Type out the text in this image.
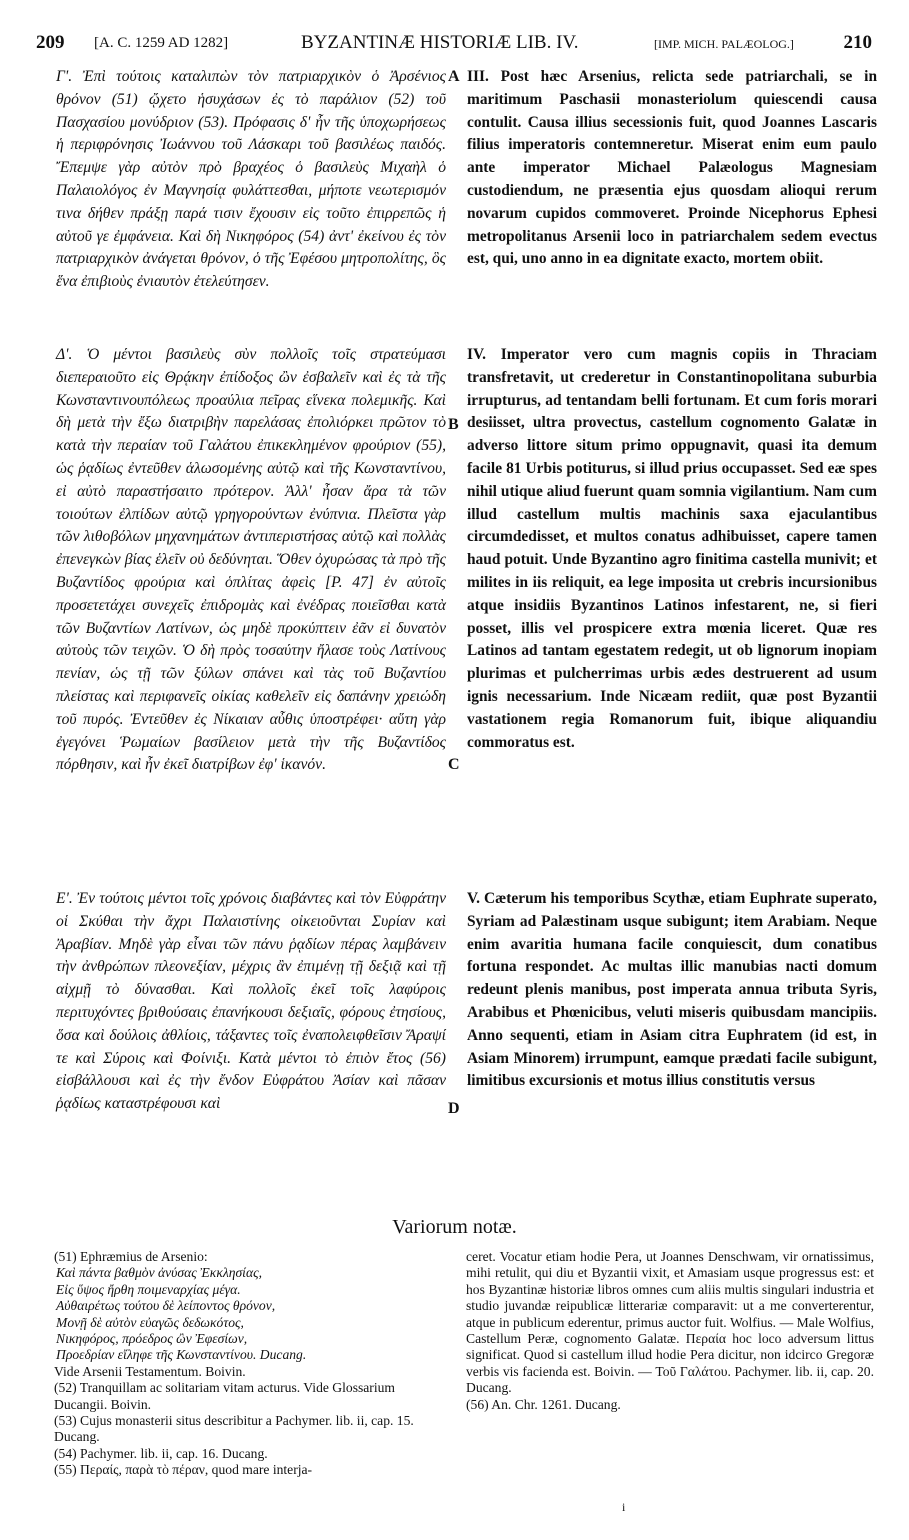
209 [A. C. 1259 AD 1282]	BYZANTINÆ HISTORIÆ LIB. IV.	[IMP. MICH. PALÆOLOG.]	210

Γ'. Ἐπὶ τούτοις καταλιπὼν τὸν πατριαρχικὸν ὁ Ἀρσένιος θρόνον (51) ᾤχετο ἡσυχάσων ἐς τὸ παράλιον (52) τοῦ Πασχασίου μονύδριον (53). Πρόφασις δ' ἦν τῆς ὑποχωρήσεως ἡ περιφρόνησις Ἰωάννου τοῦ Λάσκαρι τοῦ βασιλέως παιδός. Ἔπεμψε γὰρ αὐτὸν πρὸ βραχέος ὁ βασιλεὺς Μιχαὴλ ὁ Παλαιολόγος ἐν Μαγνησίᾳ φυλάττεσθαι, μήποτε νεωτερισμόν τινα δήθεν πράξῃ παρά τισιν ἔχουσιν εἰς τοῦτο ἐπιρρεπῶς ἡ αὐτοῦ γε ἐμφάνεια. Καὶ δὴ Νικηφόρος (54) ἀντ' ἐκείνου ἐς τὸν πατριαρχικὸν ἀνάγεται θρόνον, ὁ τῆς Ἐφέσου μητροπολίτης, ὃς ἕνα ἐπιβιοὺς ἐνιαυτὸν ἐτελεύτησεν.

Δ'. Ὁ μέντοι βασιλεὺς σὺν πολλοῖς τοῖς στρατεύμασι διεπεραιοῦτο εἰς Θρᾴκην ἐπίδοξος ὢν ἐσβαλεῖν καὶ ἐς τὰ τῆς Κωνσταντινουπόλεως προαύλια πεῖρας εἵνεκα πολεμικῆς. Καὶ δὴ μετὰ τὴν ἔξω διατριβὴν παρελάσας ἐπολιόρκει πρῶτον τὸ κατὰ τὴν περαίαν τοῦ Γαλάτου ἐπικεκλημένον φρούριον (55), ὡς ῥᾳδίως ἐντεῦθεν ἁλωσομένης αὐτῷ καὶ τῆς Κωνσταντίνου, εἰ αὐτὸ παραστήσαιτο πρότερον. Ἀλλ' ἦσαν ἄρα τὰ τῶν τοιούτων ἐλπίδων αὐτῷ γρηγορούντων ἐνύπνια. Πλεῖστα γὰρ τῶν λιθοβόλων μηχανημάτων ἀντιπεριστήσας αὐτῷ καὶ πολλὰς ἐπενεγκὼν βίας ἑλεῖν οὐ δεδύνηται. Ὅθεν ὀχυρώσας τὰ πρὸ τῆς Βυζαντίδος φρούρια καὶ ὁπλίτας ἀφεὶς [P. 47] ἐν αὐτοῖς προσετετάχει συνεχεῖς ἐπιδρομὰς καὶ ἐνέδρας ποιεῖσθαι κατὰ τῶν Βυζαντίων Λατίνων, ὡς μηδὲ προκύπτειν ἐᾶν εἰ δυνατὸν αὐτοὺς τῶν τειχῶν. Ὁ δὴ πρὸς τοσαύτην ἤλασε τοὺς Λατίνους πενίαν, ὡς τῇ τῶν ξύλων σπάνει καὶ τὰς τοῦ Βυζαντίου πλείστας καὶ περιφανεῖς οἰκίας καθελεῖν εἰς δαπάνην χρειώδη τοῦ πυρός. Ἐντεῦθεν ἐς Νίκαιαν αὖθις ὑποστρέφει· αὕτη γὰρ ἐγεγόνει Ῥωμαίων βασίλειον μετὰ τὴν τῆς Βυζαντίδος πόρθησιν, καὶ ἦν ἐκεῖ διατρίβων ἐφ' ἱκανόν.

Ε'. Ἐν τούτοις μέντοι τοῖς χρόνοις διαβάντες καὶ τὸν Εὐφράτην οἱ Σκύθαι τὴν ἄχρι Παλαιστίνης οἰκειοῦνται Συρίαν καὶ Ἀραβίαν. Μηδὲ γὰρ εἶναι τῶν πάνυ ῥᾳδίων πέρας λαμβάνειν τὴν ἀνθρώπων πλεονεξίαν, μέχρις ἂν ἐπιμένῃ τῇ δεξιᾷ καὶ τῇ αἰχμῇ τὸ δύνασθαι. Καὶ πολλοῖς ἐκεῖ τοῖς λαφύροις περιτυχόντες βριθούσαις ἐπανήκουσι δεξιαῖς, φόρους ἐτησίους, ὅσα καὶ δούλοις ἀθλίοις, τάξαντες τοῖς ἐναπολειφθεῖσιν Ἄραψί τε καὶ Σύροις καὶ Φοίνιξι. Κατὰ μέντοι τὸ ἐπιὸν ἔτος (56) εἰσβάλλουσι καὶ ἐς τὴν ἔνδον Εὐφράτου Ἀσίαν καὶ πᾶσαν ῥᾳδίως καταστρέφουσι καὶ

III. Post hæc Arsenius, relicta sede patriarchali, se in maritimum Paschasii monasteriolum quiescendi causa contulit. Causa illius secessionis fuit, quod Joannes Lascaris filius imperatoris contemneretur. Miserat enim eum paulo ante imperator Michael Palæologus Magnesiam custodiendum, ne præsentia ejus quosdam alioqui rerum novarum cupidos commoveret. Proinde Nicephorus Ephesi metropolitanus Arsenii loco in patriarchalem sedem evectus est, qui, uno anno in ea dignitate exacto, mortem obiit.

IV. Imperator vero cum magnis copiis in Thraciam transfretavit, ut crederetur in Constantinopolitana suburbia irrupturus, ad tentandam belli fortunam. Et cum foris morari desiisset, ultra provectus, castellum cognomento Galatæ in adverso littore situm primo oppugnavit, quasi ita demum facile 81 Urbis potiturus, si illud prius occupasset. Sed eæ spes nihil utique aliud fuerunt quam somnia vigilantium. Nam cum illud castellum multis machinis saxa ejaculantibus circumdedisset, et multos conatus adhibuisset, capere tamen haud potuit. Unde Byzantino agro finitima castella munivit; et milites in iis reliquit, ea lege imposita ut crebris incursionibus atque insidiis Byzantinos Latinos infestarent, ne, si fieri posset, illis vel prospicere extra mœnia liceret. Quæ res Latinos ad tantam egestatem redegit, ut ob lignorum inopiam plurimas et pulcherrimas urbis ædes destruerent ad usum ignis necessarium. Inde Nicæam rediit, quæ post Byzantii vastationem regia Romanorum fuit, ibique aliquandiu commoratus est.

V. Cæterum his temporibus Scythæ, etiam Euphrate superato, Syriam ad Palæstinam usque subigunt; item Arabiam. Neque enim avaritia humana facile conquiescit, dum conatibus fortuna respondet. Ac multas illic manubias nacti domum redeunt plenis manibus, post imperata annua tributa Syris, Arabibus et Phœnicibus, veluti miseris quibusdam mancipiis. Anno sequenti, etiam in Asiam citra Euphratem (id est, in Asiam Minorem) irrumpunt, eamque prædati facile subigunt, limitibus excursionis et motus illius constitutis versus

A
B
C
D
Variorum notæ.

(51) Ephræmius de Arsenio:

Καὶ πάντα βαθμὸν ἀνύσας Ἐκκλησίας,

Εἰς ὕψος ἤρθη ποιμεναρχίας μέγα.

Αὐθαιρέτως τούτου δὲ λείποντος θρόνον,

Μονῇ δὲ αὐτὸν εὐαγῶς δεδωκότος,

Νικηφόρος, πρόεδρος ὢν Ἐφεσίων,

Προεδρίαν εἴληφε τῆς Κωνσταντίνου. Ducang.

Vide Arsenii Testamentum. Boivin.

(52) Tranquillam ac solitariam vitam acturus. Vide Glossarium Ducangii. Boivin.

(53) Cujus monasterii situs describitur a Pachymer. lib. ii, cap. 15. Ducang.

(54) Pachymer. lib. ii, cap. 16. Ducang.

(55) Περαίς, παρὰ τὸ πέραν, quod mare interja-

ceret. Vocatur etiam hodie Pera, ut Joannes Denschwam, vir ornatissimus, mihi retulit, qui diu et Byzantii vixit, et Amasiam usque progressus est: et hos Byzantinæ historiæ libros omnes cum aliis multis singulari industria et studio juvandæ reipublicæ litterariæ comparavit: ut a me converterentur, atque in publicum ederentur, primus auctor fuit. Wolfius. — Male Wolfius, Castellum Peræ, cognomento Galatæ. Περαία hoc loco adversum littus significat. Quod si castellum illud hodie Pera dicitur, non idcirco Gregoræ verbis vis facienda est. Boivin. — Τοῦ Γαλάτου. Pachymer. lib. ii, cap. 20. Ducang.

(56) An. Chr. 1261. Ducang.

i
